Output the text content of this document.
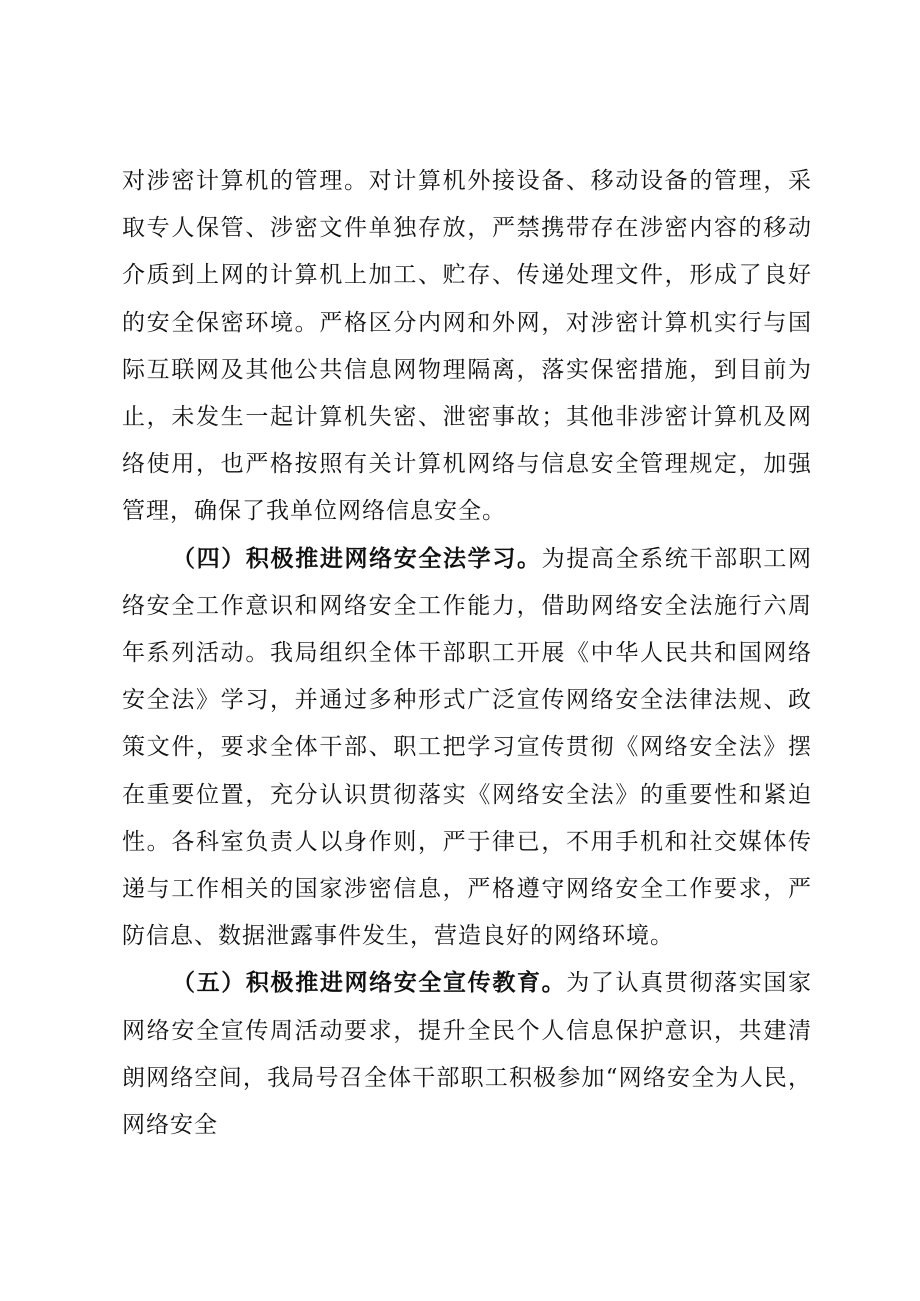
对涉密计算机的管理。对计算机外接设备、移动设备的管理，采取专人保管、涉密文件单独存放，严禁携带存在涉密内容的移动介质到上网的计算机上加工、贮存、传递处理文件，形成了良好的安全保密环境。严格区分内网和外网，对涉密计算机实行与国际互联网及其他公共信息网物理隔离，落实保密措施，到目前为止，未发生一起计算机失密、泄密事故；其他非涉密计算机及网络使用，也严格按照有关计算机网络与信息安全管理规定，加强管理，确保了我单位网络信息安全。

（四）积极推进网络安全法学习。为提高全系统干部职工网络安全工作意识和网络安全工作能力，借助网络安全法施行六周年系列活动。我局组织全体干部职工开展《中华人民共和国网络安全法》学习，并通过多种形式广泛宣传网络安全法律法规、政策文件，要求全体干部、职工把学习宣传贯彻《网络安全法》摆在重要位置，充分认识贯彻落实《网络安全法》的重要性和紧迫性。各科室负责人以身作则，严于律已，不用手机和社交媒体传递与工作相关的国家涉密信息，严格遵守网络安全工作要求，严防信息、数据泄露事件发生，营造良好的网络环境。

（五）积极推进网络安全宣传教育。为了认真贯彻落实国家网络安全宣传周活动要求，提升全民个人信息保护意识，共建清朗网络空间，我局号召全体干部职工积极参加“网络安全为人民，网络安全
